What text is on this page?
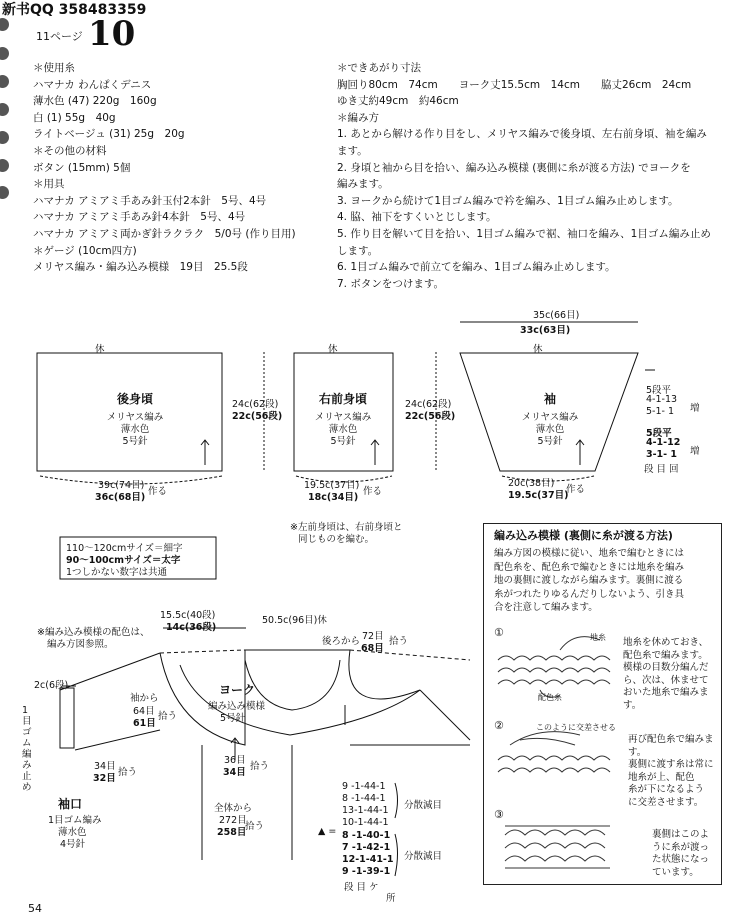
新书QQ 358483359
11ページ 10
＊使用糸
ハマナカ わんぱくデニス
薄水色 (47) 220g　160g
白 (1) 55g　40g
ライトベージュ (31) 25g　20g
＊その他の材料
ボタン (15mm) 5個
＊用具
ハマナカ アミアミ手あみ針玉付2本針　5号、4号
ハマナカ アミアミ手あみ針4本針　5号、4号
ハマナカ アミアミ両かぎ針ラクラク　5/0号 (作り目用)
＊ゲージ (10cm四方)
メリヤス編み・編み込み模様　19目　25.5段
＊できあがり寸法
胸回り80cm　74cm　　ヨーク丈15.5cm　14cm　　脇丈26cm　24cm
ゆき丈約49cm　約46cm
＊編み方
1. あとから解ける作り目をし、メリヤス編みで後身頃、左右前身頃、袖を編み
ます。
2. 身頃と袖から目を拾い、編み込み模様 (裏側に糸が渡る方法) でヨークを
編みます。
3. ヨークから続けて1目ゴム編みで衿を編み、1目ゴム編み止めします。
4. 脇、袖下をすくいとじします。
5. 作り目を解いて目を拾い、1目ゴム編みで裾、袖口を編み、1目ゴム編み止め
します。
6. 1目ゴム編みで前立てを編み、1目ゴム編み止めします。
7. ボタンをつけます。
休
後身頃
メリヤス編み
薄水色
5号針
39c(74目)
36c(68目)
作る
24c(62段)
22c(56段)
休
右前身頃
メリヤス編み
薄水色
5号針
19.5c(37目)
18c(34目)
作る
24c(62段)
22c(56段)
35c(66目)
33c(63目)
休
袖
メリヤス編み
薄水色
5号針
5段平
4-1-13
5-1- 1 増
5段平
4-1-12
3-1- 1
段 目 回
増
20c(38目)
19.5c(37目)
作る
※左前身頃は、右前身頃と
同じものを編む。
110〜120cmサイズ＝細字
90〜100cmサイズ＝太字
1つしかない数字は共通
※編み込み模様の配色は、
編み方図参照。
15.5c(40段)
14c(36段)
50.5c(96目)休
後ろから 72目
68目
拾う
ヨーク
編み込み模様
5号針
袖から
64目
61目
拾う
2c(6段)
1目ゴム編み止め
36目
34目
拾う
34目
32目
拾う
袖口
1目ゴム編み
薄水色
4号針
全体から
272目
258目
拾う
9 -1-44-1
8 -1-44-1
13-1-44-1
10-1-44-1
分散減目
▲ = 8 -1-40-1
7 -1-42-1
12-1-41-1
9 -1-39-1
分散減目
段 目 ケ
所
編み込み模様 (裏側に糸が渡る方法)
編み方図の模様に従い、地糸で編むときには
配色糸を、配色糸で編むときには地糸を編み
地の裏側に渡しながら編みます。裏側に渡る
糸がつれたりゆるんだりしないよう、引き具
合を注意して編みます。
①	地糸
配色糸
地糸を休めておき、
配色糸で編みます。
模様の目数分編んだ
ら、次は、休ませて
おいた地糸で編みま
す。
②	このように交差させる
再び配色糸で編みま
す。
裏側に渡す糸は常に
地糸が上、配色
糸が下になるよう
に交差させます。
③
裏側はこのよ
うに糸が渡っ
た状態になっ
ています。
54
